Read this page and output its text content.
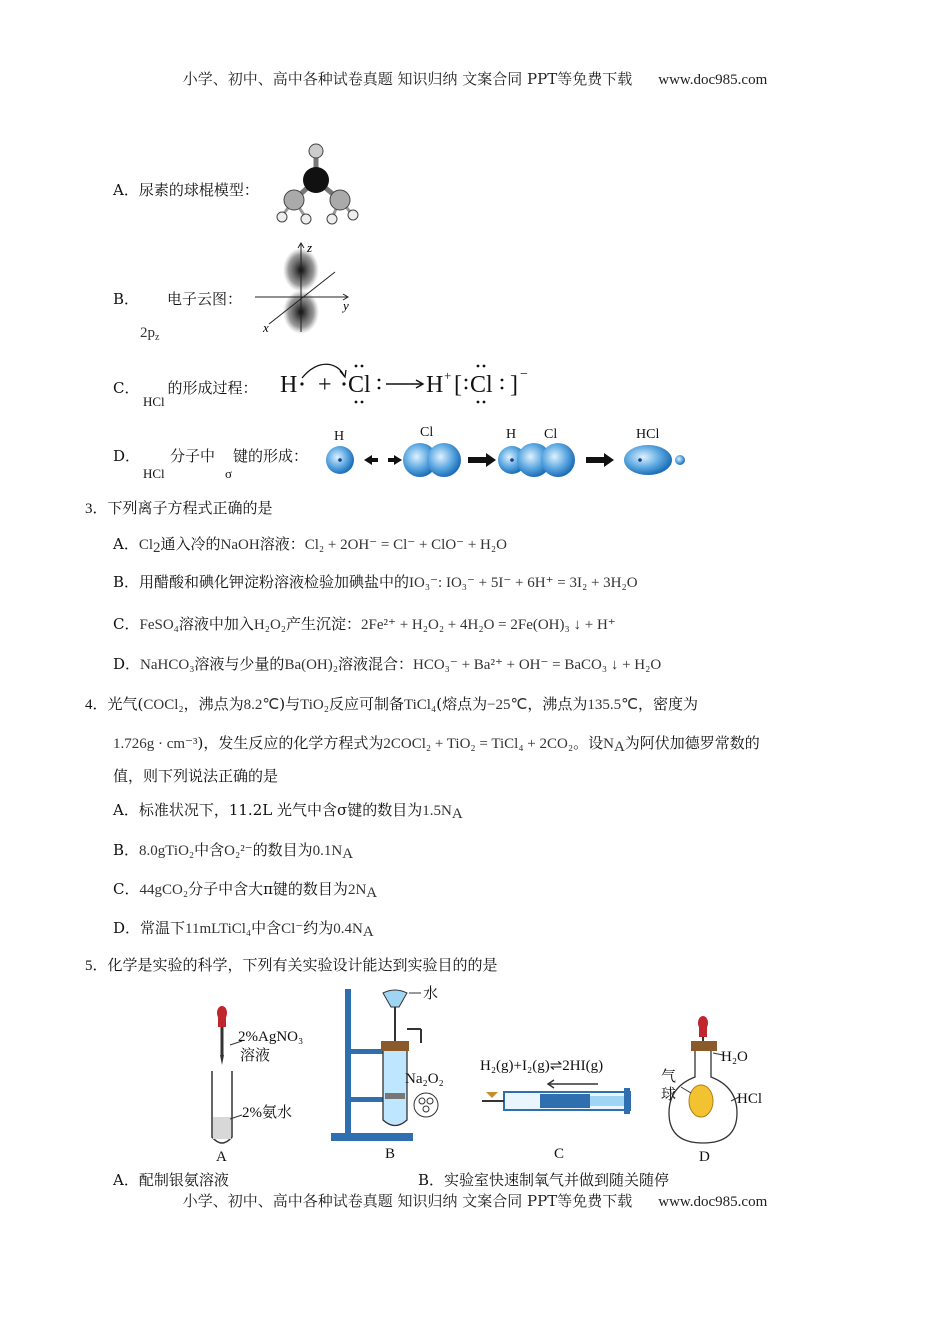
小学、初中、高中各种试卷真题 知识归纳 文案合同 PPT等免费下载 www.doc985.com
A．尿素的球棍模型：
B． 电子云图：
$2p_z$
z
y
x
C． 的形成过程：
HCl
H + Cl H + [ Cl ] −
D． 分子中 键的形成：
HCl	σ
H	Cl	H Cl	HCl
3．下列离子方程式正确的是
A．$Cl_2$通入冷的NaOH溶液：Cl₂ + 2OH⁻ = Cl⁻ + ClO⁻ + H₂O
B．用醋酸和碘化钾淀粉溶液检验加碘盐中的IO₃⁻: IO₃⁻ + 5I⁻ + 6H⁺ = 3I₂ + 3H₂O
C．FeSO₄溶液中加入H₂O₂产生沉淀：2Fe²⁺ + H₂O₂ + 4H₂O = 2Fe(OH)₃ ↓ + H⁺
D．NaHCO₃溶液与少量的Ba(OH)₂溶液混合：HCO₃⁻ + Ba²⁺ + OH⁻ = BaCO₃ ↓ + H₂O
4．光气(COCl₂，沸点为8.2℃)与TiO₂反应可制备TiCl₄(熔点为−25℃，沸点为135.5℃，密度为
1.726g · cm⁻³)，发生反应的化学方程式为2COCl₂ + TiO₂ = TiCl₄ + 2CO₂。设$N_A$为阿伏加德罗常数的
值，则下列说法正确的是
A．标准状况下，11.2L 光气中含σ键的数目为$1.5N_A$
B．8.0gTiO₂中含O₂²⁻的数目为$0.1N_A$
C．44gCO₂分子中含大π键的数目为$2N_A$
D．常温下11mLTiCl₄中含Cl⁻约为$0.4N_A$
5．化学是实验的科学，下列有关实验设计能达到实验目的的是
2%AgNO₃
溶液
2%氨水
A
水
Na₂O₂
B
H₂(g)+I₂(g)⇌2HI(g)
C
H₂O
气
球	HCl
D
A．配制银氨溶液	B．实验室快速制氧气并做到随关随停
小学、初中、高中各种试卷真题 知识归纳 文案合同 PPT等免费下载 www.doc985.com
